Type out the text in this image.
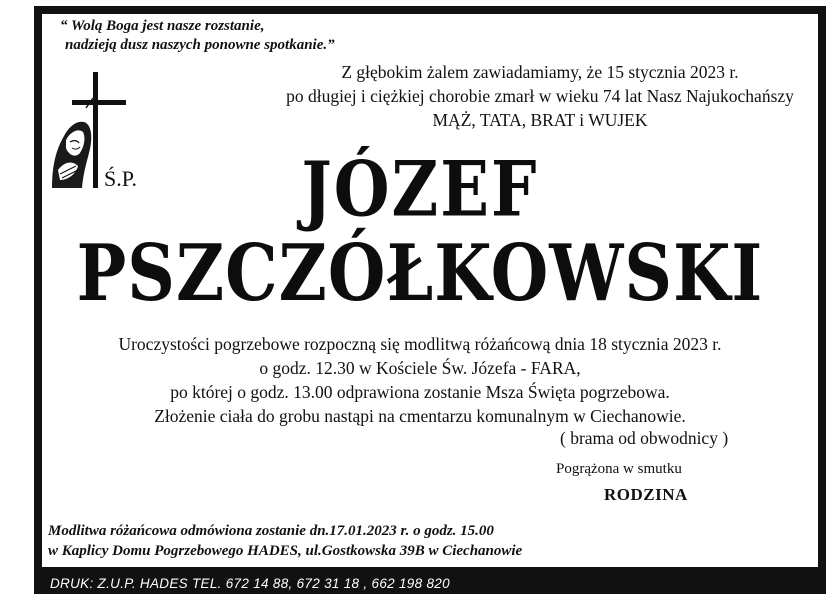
“ Wolą Boga jest nasze rozstanie,

nadzieją dusz naszych ponowne spotkanie.”
Z głębokim żalem zawiadamiamy, że 15 stycznia 2023 r.
po długiej i ciężkiej chorobie zmarł w wieku 74 lat Nasz Najukochańszy
MĄŻ, TATA, BRAT i WUJEK
Ś.P.	JÓZEF
PSZCZÓŁKOWSKI
Uroczystości pogrzebowe rozpoczną się modlitwą różańcową dnia 18 stycznia 2023 r.
o godz. 12.30 w Kościele Św. Józefa - FARA,
po której o godz. 13.00 odprawiona zostanie Msza Święta pogrzebowa.
Złożenie ciała do grobu nastąpi na cmentarzu komunalnym w Ciechanowie.
( brama od obwodnicy )
Pogrążona w smutku
RODZINA
Modlitwa różańcowa odmówiona zostanie dn.17.01.2023 r. o godz. 15.00
w Kaplicy Domu Pogrzebowego HADES, ul.Gostkowska 39B w Ciechanowie
DRUK: Z.U.P. HADES TEL. 672 14 88, 672 31 18 , 662 198 820
